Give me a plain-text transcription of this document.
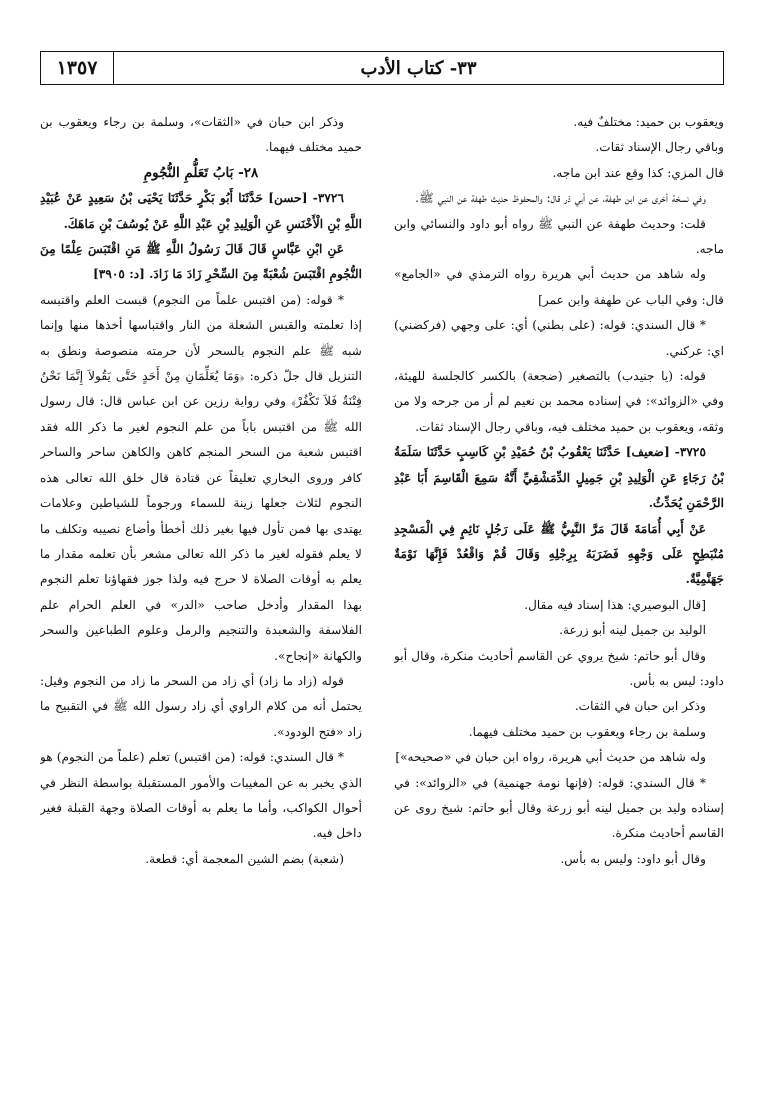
١٣٥٧	٣٣- كتاب الأدب

ويعقوب بن حميد: مختلفٌ فيه.

وباقي رجال الإسناد ثقات.

قال المزي: كذا وقع عند ابن ماجه.

وفي نسخة أخرى عن ابن طهفة، عن أبي ذر قال: والمحفوظ حديث طهفة عن النبي ﷺ.

قلت: وحديث طهفة عن النبي ﷺ رواه أبو داود والنسائي وابن ماجه.

وله شاهد من حديث أبي هريرة رواه الترمذي في «الجامع» قال: وفي الباب عن طهفة وابن عمر]

* قال السندي: قوله: (على بطني) أي: على وجهي (فركضني) اي: عركني.

قوله: (يا جنيدب) بالتصغير (ضجعة) بالكسر كالجلسة للهيئة، وفي «الزوائد»: في إسناده محمد بن نعيم لم أر من جرحه ولا من وثقه، ويعقوب بن حميد مختلف فيه، وباقي رجال الإسناد ثقات.

٣٧٢٥- [ضعيف] حَدَّثَنَا يَعْقُوبُ بْنُ حُمَيْدِ بْنِ كَاسِبٍ حَدَّثَنَا سَلَمَةُ بْنُ رَجَاءٍ عَنِ الْوَلِيدِ بْنِ جَمِيلٍ الدِّمَشْقِيِّ أَنَّهُ سَمِعَ الْقَاسِمَ أَبَا عَبْدِ الرَّحْمَنِ يُحَدِّثُ.

عَنْ أَبِي أُمَامَةَ قَالَ مَرَّ النَّبِيُّ ﷺ عَلَى رَجُلٍ نَائِمٍ فِي الْمَسْجِدِ مُنْبَطِحٍ عَلَى وَجْهِهِ فَضَرَبَهُ بِرِجْلِهِ وَقَالَ قُمْ وَاقْعُدْ فَإِنَّهَا نَوْمَةٌ جَهَنَّمِيَّةٌ.

[قال البوصيري: هذا إسناد فيه مقال.

الوليد بن جميل لينه أبو زرعة.

وقال أبو حاتم: شيخ يروي عن القاسم أحاديث منكرة، وقال أبو داود: ليس به بأس.

وذكر ابن حبان في الثقات.

وسلمة بن رجاء ويعقوب بن حميد مختلف فيهما.

وله شاهد من حديث أبي هريرة، رواه ابن حبان في «صحيحه»]

* قال السندي: قوله: (فإنها نومة جهنمية) في «الزوائد»: في إسناده وليد بن جميل لينه أبو زرعة وقال أبو حاتم: شيخ روى عن القاسم أحاديث منكرة.

وقال أبو داود: وليس به بأس.

وذكر ابن حبان في «الثقات»، وسلمة بن رجاء ويعقوب بن حميد مختلف فيهما.

٢٨- بَابُ تَعَلُّمِ النُّجُومِ

٣٧٢٦- [حسن] حَدَّثَنَا أَبُو بَكْرٍ حَدَّثَنَا يَحْيَى بْنُ سَعِيدٍ عَنْ عُبَيْدِ اللَّهِ بْنِ الْأَخْنَسِ عَنِ الْوَلِيدِ بْنِ عَبْدِ اللَّهِ عَنْ يُوسُفَ بْنِ مَاهَكَ.

عَنِ ابْنِ عَبَّاسٍ قَالَ قَالَ رَسُولُ اللَّهِ ﷺ مَنِ اقْتَبَسَ عِلْمًا مِنَ النُّجُومِ اقْتَبَسَ شُعْبَةً مِنَ السِّحْرِ زَادَ مَا زَادَ. [د: ٣٩٠٥]

* قوله: (من اقتبس علماً من النجوم) قبست العلم واقتبسه إذا تعلمته والقبس الشعلة من النار واقتباسها أخذها منها وإنما شبه ﷺ علم النجوم بالسحر لأن حرمته منصوصة ونطق به التنزيل قال جلّ ذكره: ﴿وَمَا يُعَلِّمَانِ مِنْ أَحَدٍ حَتَّى يَقُولاَ إِنَّمَا نَحْنُ فِتْنَةٌ فَلاَ تَكْفُرْ﴾ وفي رواية رزين عن ابن عباس قال: قال رسول الله ﷺ من اقتبس باباً من علم النجوم لغير ما ذكر الله فقد اقتبس شعبة من السحر المنجم كاهن والكاهن ساحر والساحر كافر وروى البخاري تعليقاً عن قتادة قال خلق الله تعالى هذه النجوم لثلاث جعلها زينة للسماء ورجوماً للشياطين وعلامات يهتدى بها فمن تأول فيها بغير ذلك أخطأ وأضاع نصيبه وتكلف ما لا يعلم فقوله لغير ما ذكر الله تعالى مشعر بأن تعلمه مقدار ما يعلم به أوقات الصلاة لا حرج فيه ولذا جوز فقهاؤنا تعلم النجوم بهذا المقدار وأدخل صاحب «الدر» في العلم الحرام علم الفلاسفة والشعبدة والتنجيم والرمل وعلوم الطباعين والسحر والكهانة «إنجاح».

قوله (زاد ما زاد) أي زاد من السحر ما زاد من النجوم وقيل: يحتمل أنه من كلام الراوي أي زاد رسول الله ﷺ في التقبيح ما زاد «فتح الودود».

* قال السندي: قوله: (من اقتبس) تعلم (علماً من النجوم) هو الذي يخبر به عن المغيبات والأمور المستقبلة بواسطة النظر في أحوال الكواكب، وأما ما يعلم به أوقات الصلاة وجهة القبلة فغير داخل فيه.

(شعبة) بضم الشين المعجمة أي: قطعة.
